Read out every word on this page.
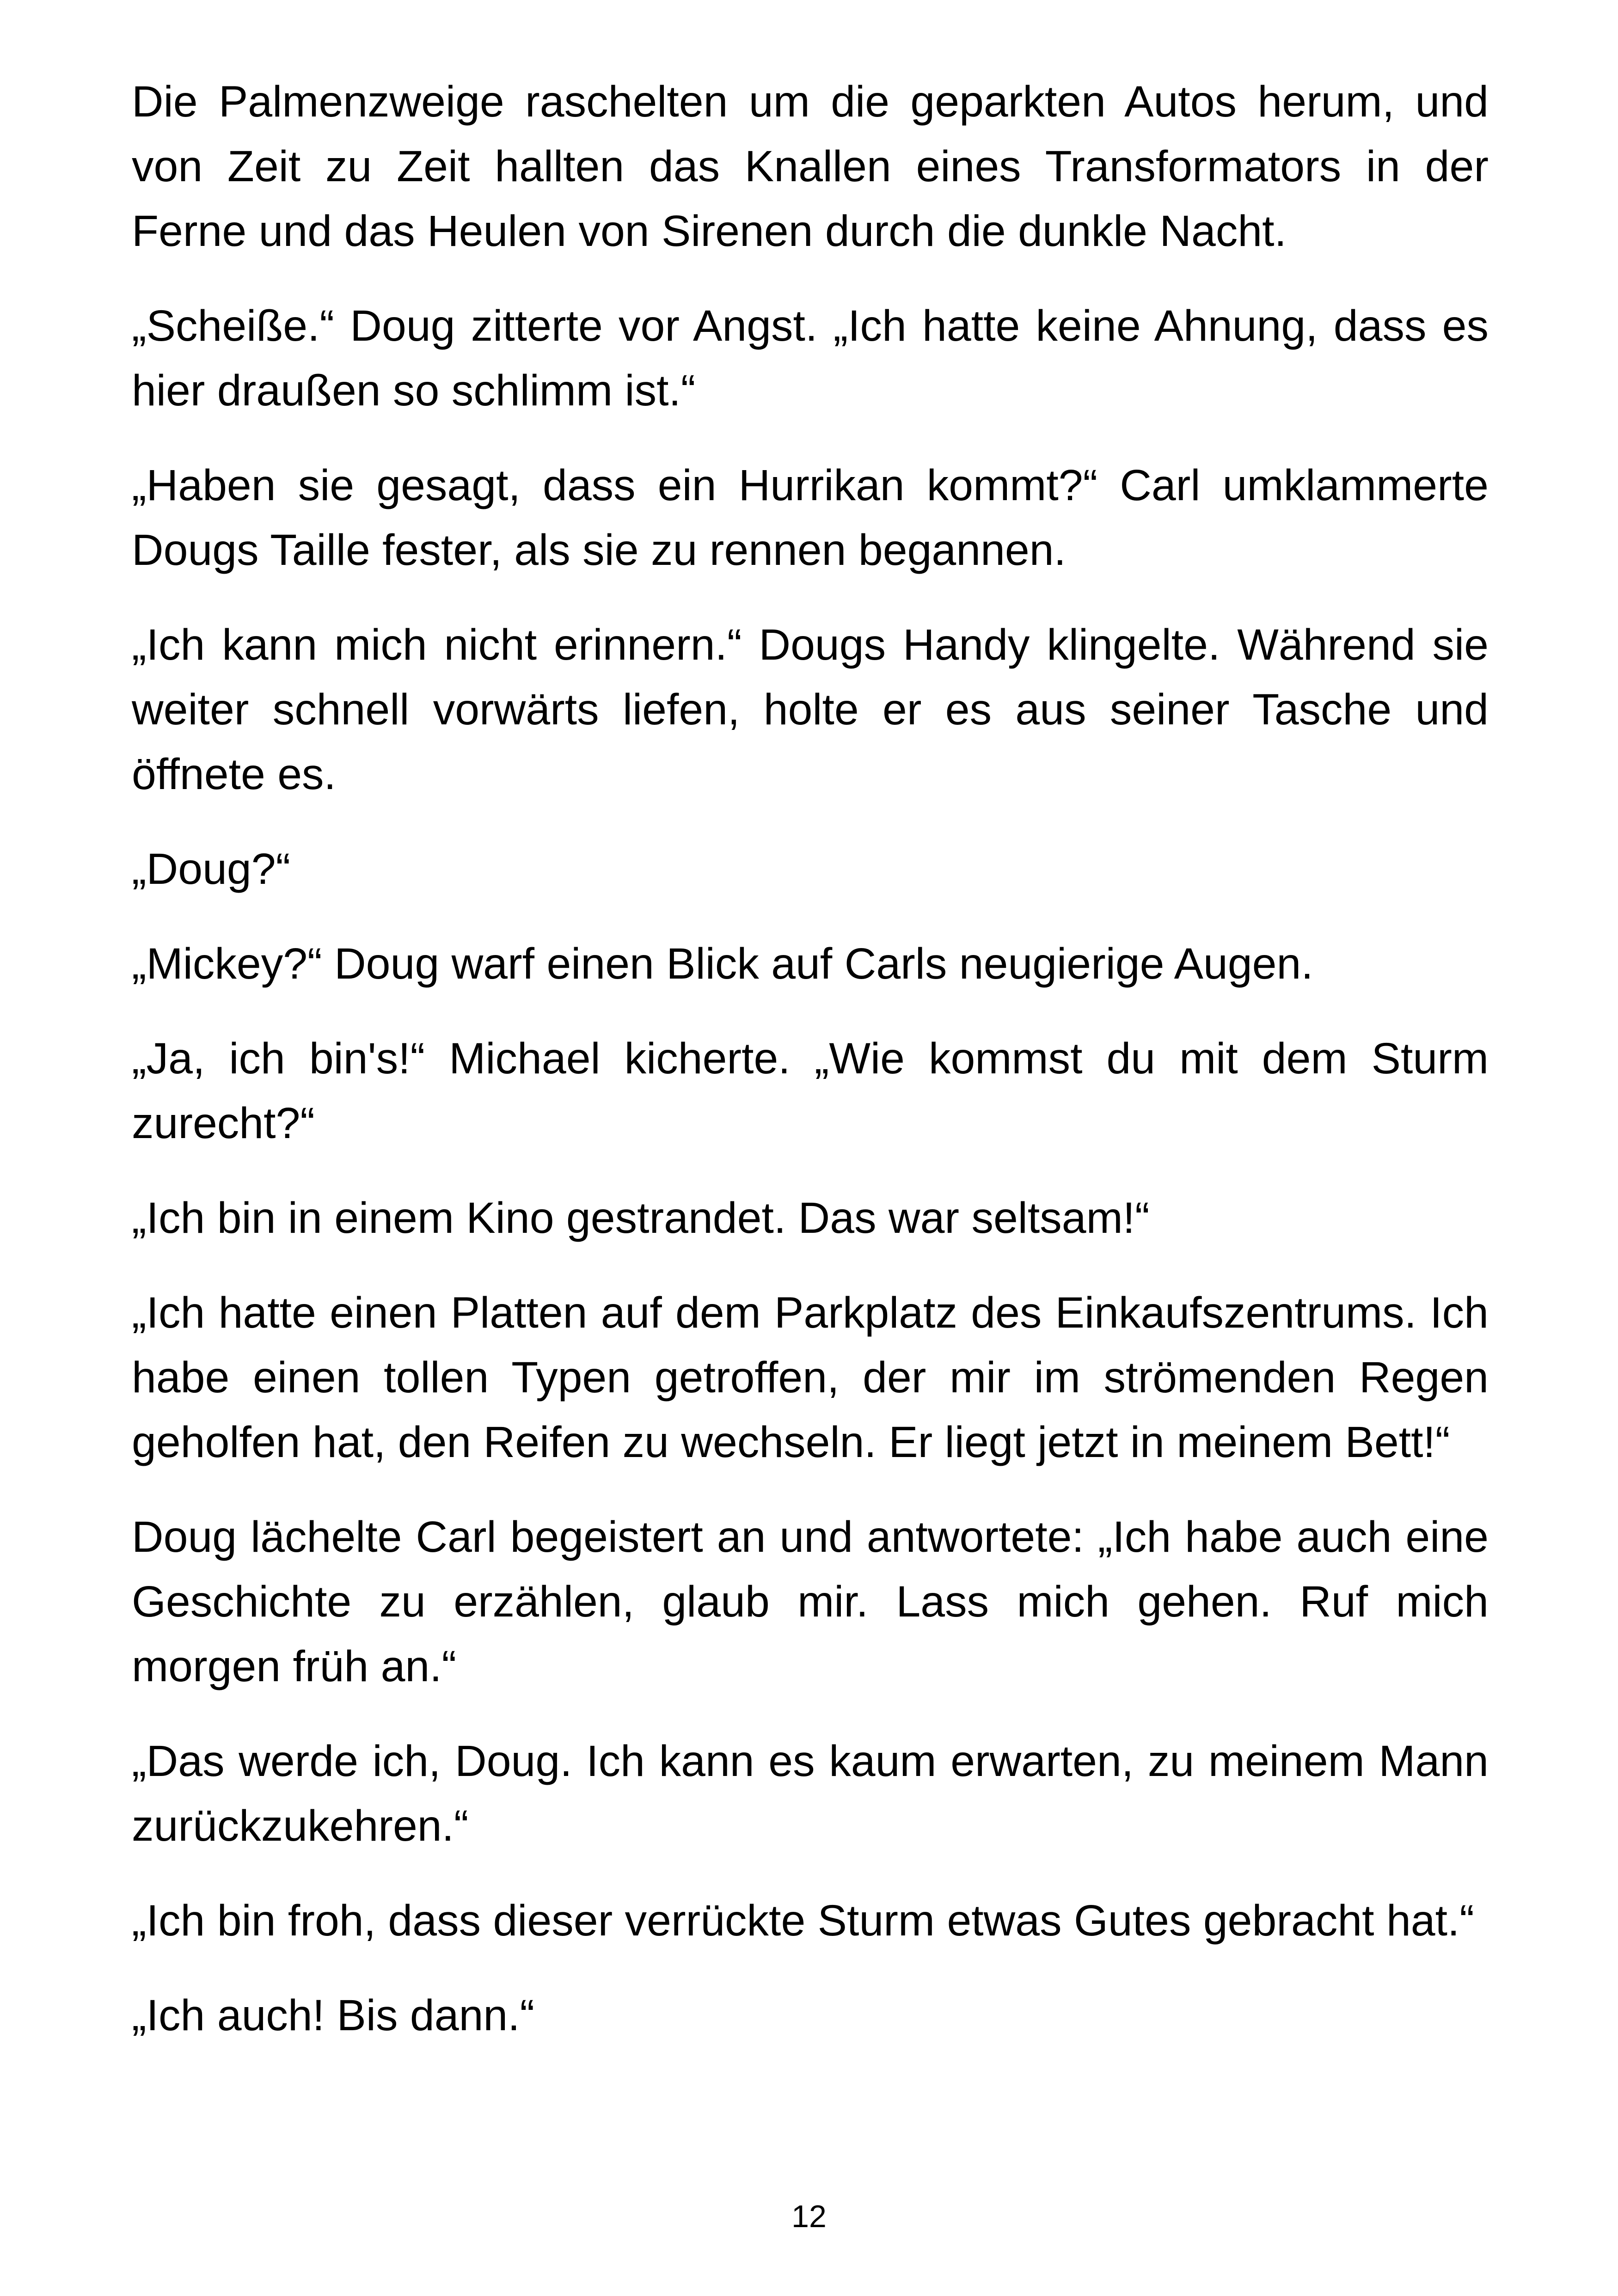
Die Palmenzweige raschelten um die geparkten Autos herum, und von Zeit zu Zeit hallten das Knallen eines Transformators in der Ferne und das Heulen von Sirenen durch die dunkle Nacht.

„Scheiße.“ Doug zitterte vor Angst. „Ich hatte keine Ahnung, dass es hier draußen so schlimm ist.“

„Haben sie gesagt, dass ein Hurrikan kommt?“ Carl umklammerte Dougs Taille fester, als sie zu rennen begannen.

„Ich kann mich nicht erinnern.“ Dougs Handy klingelte. Während sie weiter schnell vorwärts liefen, holte er es aus seiner Tasche und öffnete es.

„Doug?“

„Mickey?“ Doug warf einen Blick auf Carls neugierige Augen.

„Ja, ich bin's!“ Michael kicherte. „Wie kommst du mit dem Sturm zurecht?“

„Ich bin in einem Kino gestrandet. Das war seltsam!“

„Ich hatte einen Platten auf dem Parkplatz des Einkaufszentrums. Ich habe einen tollen Typen getroffen, der mir im strömenden Regen geholfen hat, den Reifen zu wechseln. Er liegt jetzt in meinem Bett!“

Doug lächelte Carl begeistert an und antwortete: „Ich habe auch eine Geschichte zu erzählen, glaub mir. Lass mich gehen. Ruf mich morgen früh an.“

„Das werde ich, Doug. Ich kann es kaum erwarten, zu meinem Mann zurückzukehren.“

„Ich bin froh, dass dieser verrückte Sturm etwas Gutes gebracht hat.“

„Ich auch! Bis dann.“

12
